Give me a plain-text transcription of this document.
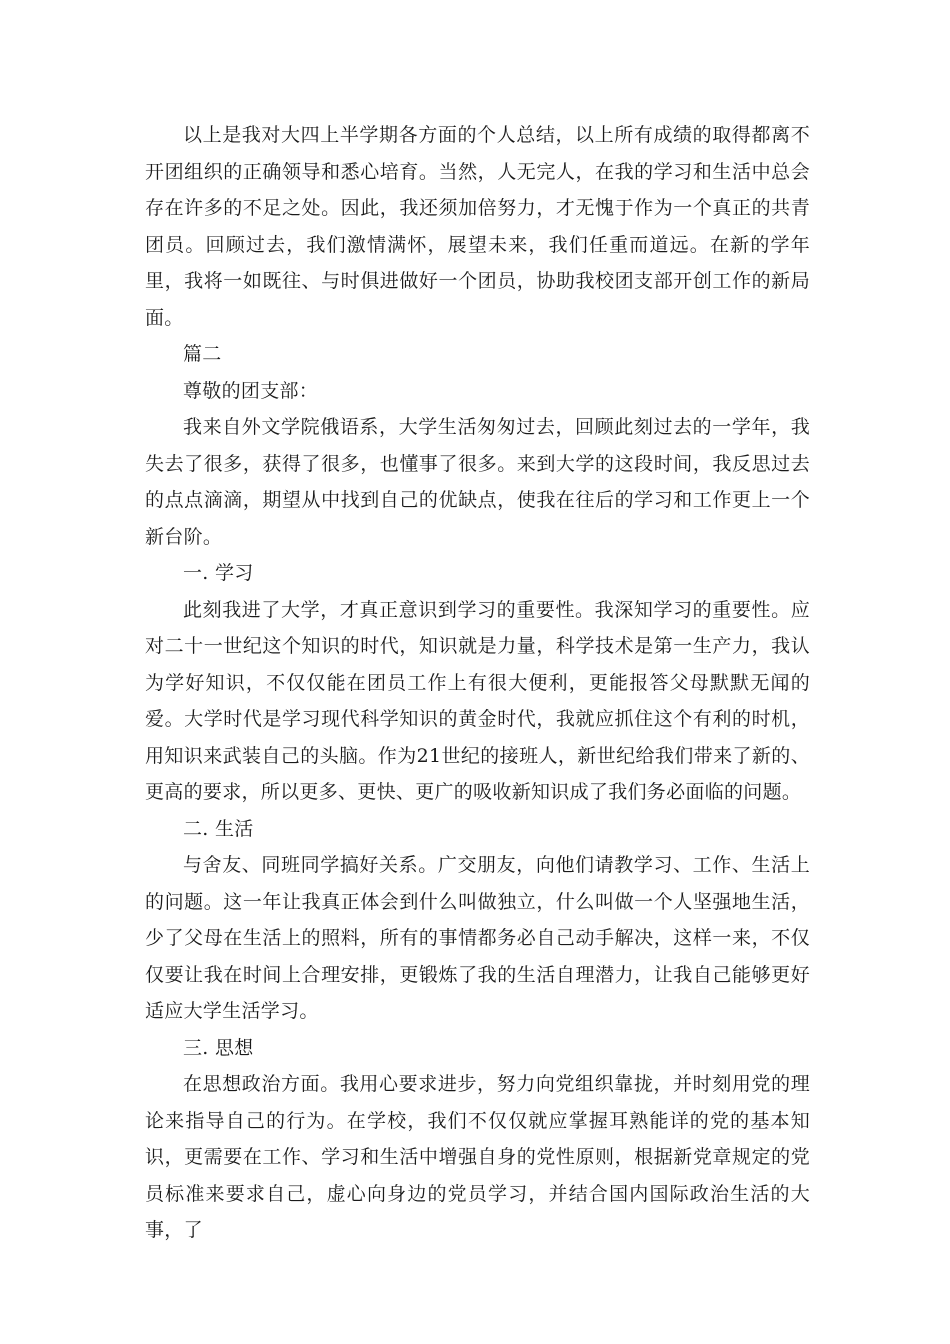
以上是我对大四上半学期各方面的个人总结，以上所有成绩的取得都离不开团组织的正确领导和悉心培育。当然，人无完人，在我的学习和生活中总会存在许多的不足之处。因此，我还须加倍努力，才无愧于作为一个真正的共青团员。回顾过去，我们激情满怀，展望未来，我们任重而道远。在新的学年里，我将一如既往、与时俱进做好一个团员，协助我校团支部开创工作的新局面。

篇二

尊敬的团支部：

我来自外文学院俄语系，大学生活匆匆过去，回顾此刻过去的一学年，我失去了很多，获得了很多，也懂事了很多。来到大学的这段时间，我反思过去的点点滴滴，期望从中找到自己的优缺点，使我在往后的学习和工作更上一个新台阶。

一. 学习

此刻我进了大学，才真正意识到学习的重要性。我深知学习的重要性。应对二十一世纪这个知识的时代，知识就是力量，科学技术是第一生产力，我认为学好知识，不仅仅能在团员工作上有很大便利，更能报答父母默默无闻的爱。大学时代是学习现代科学知识的黄金时代，我就应抓住这个有利的时机，用知识来武装自己的头脑。作为21世纪的接班人，新世纪给我们带来了新的、更高的要求，所以更多、更快、更广的吸收新知识成了我们务必面临的问题。

二. 生活

与舍友、同班同学搞好关系。广交朋友，向他们请教学习、工作、生活上的问题。这一年让我真正体会到什么叫做独立，什么叫做一个人坚强地生活，少了父母在生活上的照料，所有的事情都务必自己动手解决，这样一来，不仅仅要让我在时间上合理安排，更锻炼了我的生活自理潜力，让我自己能够更好适应大学生活学习。

三. 思想

在思想政治方面。我用心要求进步，努力向党组织靠拢，并时刻用党的理论来指导自己的行为。在学校，我们不仅仅就应掌握耳熟能详的党的基本知识，更需要在工作、学习和生活中增强自身的党性原则，根据新党章规定的党员标准来要求自己，虚心向身边的党员学习，并结合国内国际政治生活的大事，了
